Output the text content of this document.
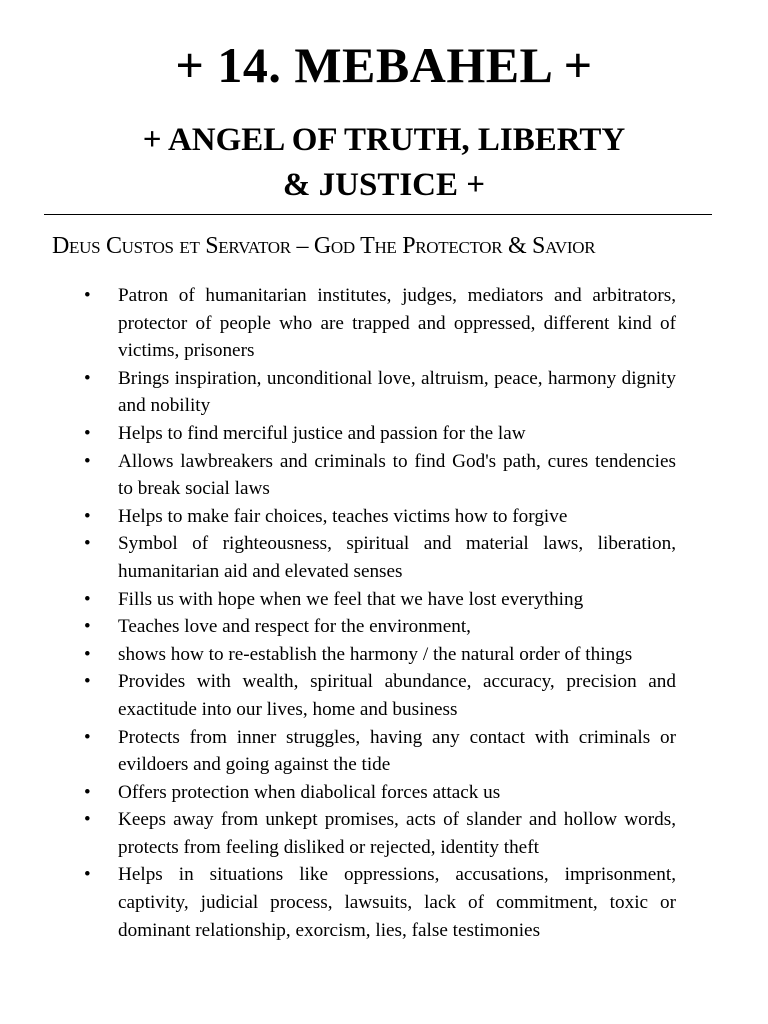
+ 14. MEBAHEL +
+ ANGEL OF TRUTH, LIBERTY
& JUSTICE +
Deus Custos et Servator – God The Protector & Savior
• Patron of humanitarian institutes, judges, mediators and arbitrators, protector of people who are trapped and oppressed, different kind of victims, prisoners
• Brings inspiration, unconditional love, altruism, peace, harmony dignity and nobility
• Helps to find merciful justice and passion for the law
• Allows lawbreakers and criminals to find God's path, cures tendencies to break social laws
• Helps to make fair choices, teaches victims how to forgive
• Symbol of righteousness, spiritual and material laws, liberation, humanitarian aid and elevated senses
• Fills us with hope when we feel that we have lost everything
• Teaches love and respect for the environment,
• shows how to re-establish the harmony / the natural order of things
• Provides with wealth, spiritual abundance, accuracy, precision and exactitude into our lives, home and business
• Protects from inner struggles, having any contact with criminals or evildoers and going against the tide
• Offers protection when diabolical forces attack us
• Keeps away from unkept promises, acts of slander and hollow words, protects from feeling disliked or rejected, identity theft
• Helps in situations like oppressions, accusations, imprisonment, captivity, judicial process, lawsuits, lack of commitment, toxic or dominant relationship, exorcism, lies, false testimonies
